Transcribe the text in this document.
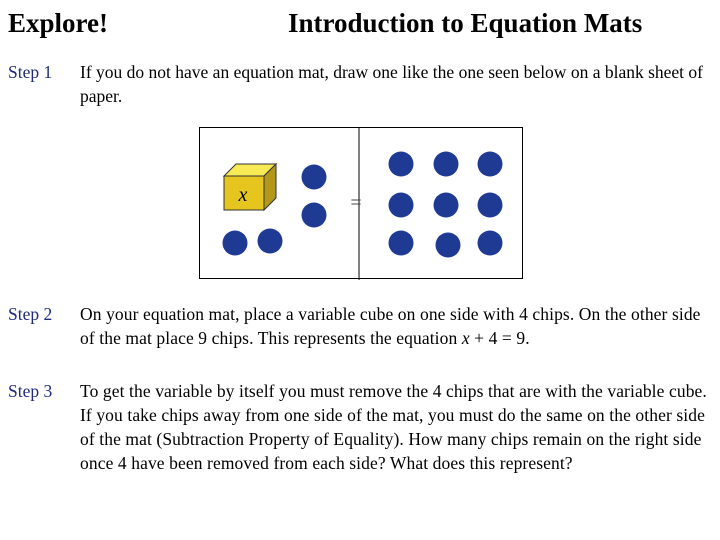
Explore!	Introduction to Equation Mats
Step 1 If you do not have an equation mat, draw one like the one seen below on a blank sheet of paper.
=
x
Step 2 On your equation mat, place a variable cube on one side with 4 chips. On the other side of the mat place 9 chips. This represents the equation x + 4 = 9.
Step 3 To get the variable by itself you must remove the 4 chips that are with the variable cube. If you take chips away from one side of the mat, you must do the same on the other side of the mat (Subtraction Property of Equality). How many chips remain on the right side once 4 have been removed from each side? What does this represent?
